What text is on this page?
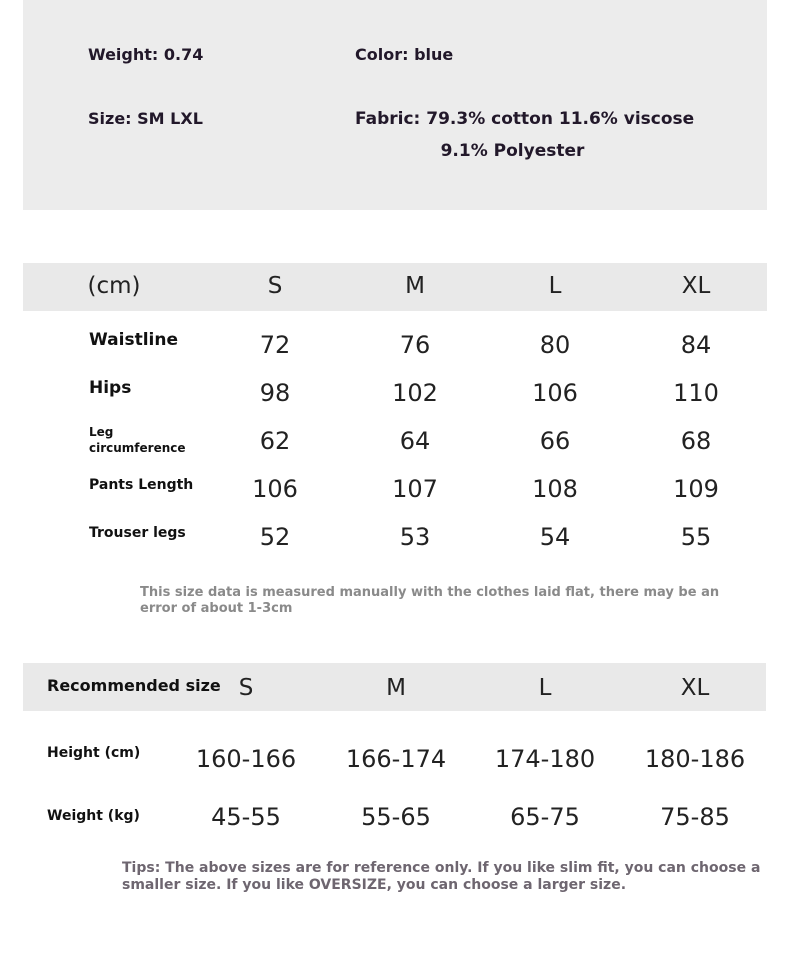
Weight: 0.74	Color: blue
Size: SM LXL	Fabric: 79.3% cotton 11.6% viscose
9.1% Polyester
(cm)	S	M	L	XL
Waistline	72	76	80	84
Hips	98	102	106	110
Leg
circumference	62	64	66	68
Pants Length	106	107	108	109
Trouser legs	52	53	54	55
This size data is measured manually with the clothes laid flat, there may be an
error of about 1-3cm
Recommended size S	M	L	XL
Height (cm)	160-166	166-174	174-180	180-186
Weight (kg)	45-55	55-65	65-75	75-85
Tips: The above sizes are for reference only. If you like slim fit, you can choose a
smaller size. If you like OVERSIZE, you can choose a larger size.
